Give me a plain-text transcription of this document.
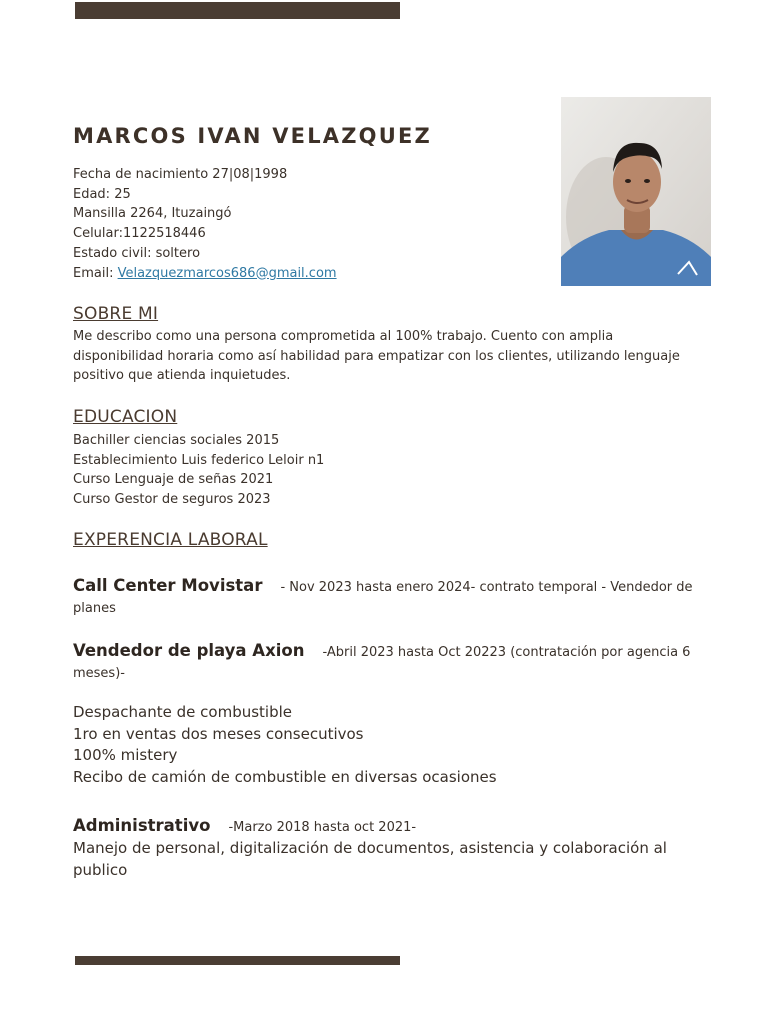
MARCOS IVAN VELAZQUEZ
Fecha de nacimiento 27|08|1998
Edad: 25
Mansilla 2264, Ituzaingó
Celular:1122518446
Estado civil: soltero
Email: Velazquezmarcos686@gmail.com
SOBRE MI

Me describo como una persona comprometida al 100% trabajo. Cuento con amplia disponibilidad horaria como así habilidad para empatizar con los clientes, utilizando lenguaje positivo que atienda inquietudes.

EDUCACION
Bachiller ciencias sociales 2015
Establecimiento Luis federico Leloir n1
Curso Lenguaje de señas 2021
Curso Gestor de seguros 2023
EXPERENCIA LABORAL
Call Center Movistar - Nov 2023 hasta enero 2024- contrato temporal - Vendedor de planes
Vendedor de playa Axion -Abril 2023 hasta Oct 20223 (contratación por agencia 6 meses)-
Despachante de combustible
1ro en ventas dos meses consecutivos
100% mistery
Recibo de camión de combustible en diversas ocasiones
Administrativo -Marzo 2018 hasta oct 2021-
Manejo de personal, digitalización de documentos, asistencia y colaboración al publico
